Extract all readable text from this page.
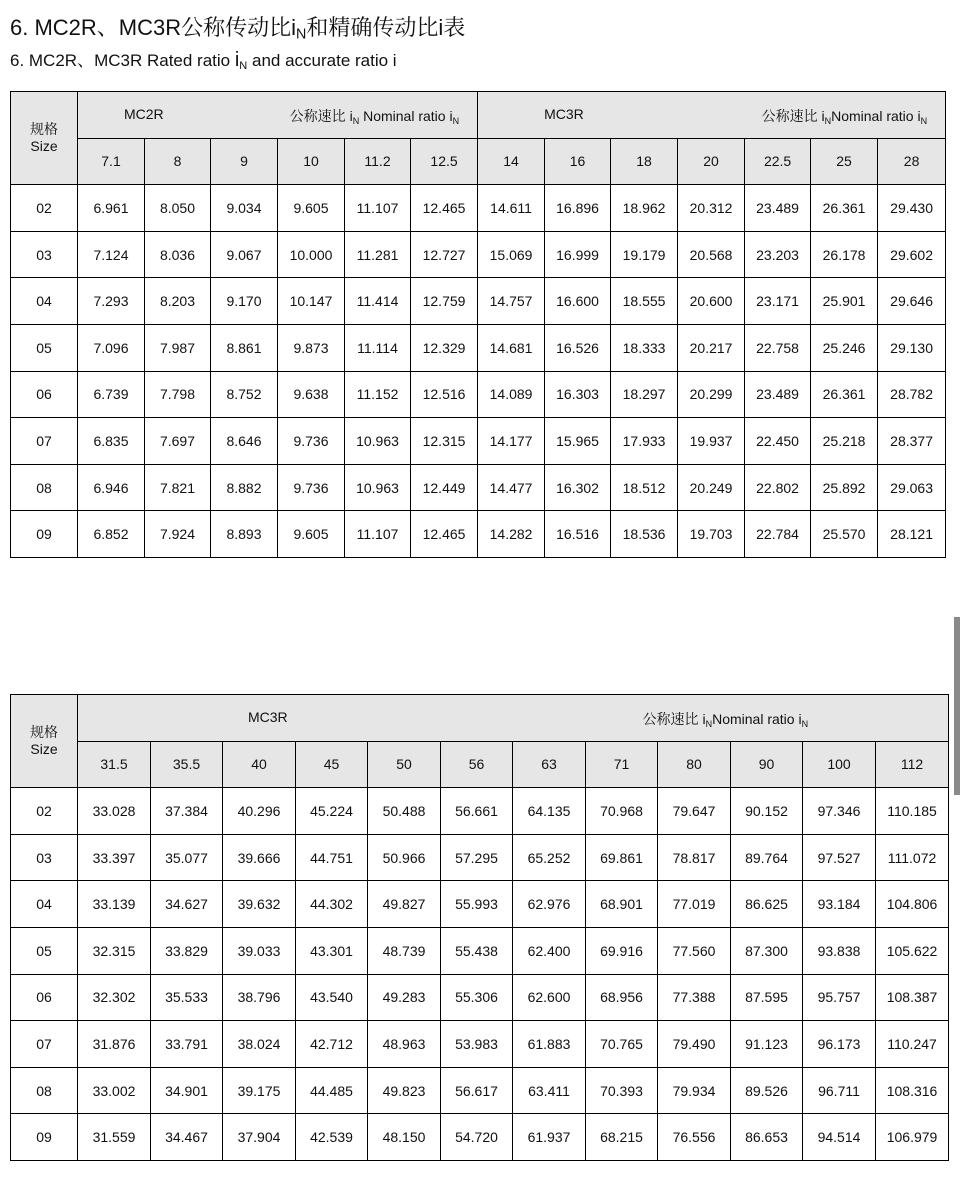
6. MC2R、MC3R公称传动比$i_N$和精确传动比i表
6. MC2R、MC3R Rated ratio $i_N$ and accurate ratio i
规格
Size	MC2R 公称速比 $i_N$ Nominal ratio $i_N$						MC3R 公称速比 $i_NNominal$ ratio $i_N$

	7.1	8	9	10	11.2	12.5	14	16	18	20	22.5	25	28
02	6.961	8.050	9.034	9.605	11.107	12.465	14.611	16.896	18.962	20.312	23.489	26.361	29.430
03	7.124	8.036	9.067	10.000	11.281	12.727	15.069	16.999	19.179	20.568	23.203	26.178	29.602
04	7.293	8.203	9.170	10.147	11.414	12.759	14.757	16.600	18.555	20.600	23.171	25.901	29.646
05	7.096	7.987	8.861	9.873	11.114	12.329	14.681	16.526	18.333	20.217	22.758	25.246	29.130
06	6.739	7.798	8.752	9.638	11.152	12.516	14.089	16.303	18.297	20.299	23.489	26.361	28.782
07	6.835	7.697	8.646	9.736	10.963	12.315	14.177	15.965	17.933	19.937	22.450	25.218	28.377
08	6.946	7.821	8.882	9.736	10.963	12.449	14.477	16.302	18.512	20.249	22.802	25.892	29.063
09	6.852	7.924	8.893	9.605	11.107	12.465	14.282	16.516	18.536	19.703	22.784	25.570	28.121
规格
Size	MC3R 公称速比 $i_NNominal$ ratio $i_N$

	31.5	35.5	40	45	50	56	63	71	80	90	100	112
02	33.028	37.384	40.296	45.224	50.488	56.661	64.135	70.968	79.647	90.152	97.346	110.185
03	33.397	35.077	39.666	44.751	50.966	57.295	65.252	69.861	78.817	89.764	97.527	111.072
04	33.139	34.627	39.632	44.302	49.827	55.993	62.976	68.901	77.019	86.625	93.184	104.806
05	32.315	33.829	39.033	43.301	48.739	55.438	62.400	69.916	77.560	87.300	93.838	105.622
06	32.302	35.533	38.796	43.540	49.283	55.306	62.600	68.956	77.388	87.595	95.757	108.387
07	31.876	33.791	38.024	42.712	48.963	53.983	61.883	70.765	79.490	91.123	96.173	110.247
08	33.002	34.901	39.175	44.485	49.823	56.617	63.411	70.393	79.934	89.526	96.711	108.316
09	31.559	34.467	37.904	42.539	48.150	54.720	61.937	68.215	76.556	86.653	94.514	106.979
